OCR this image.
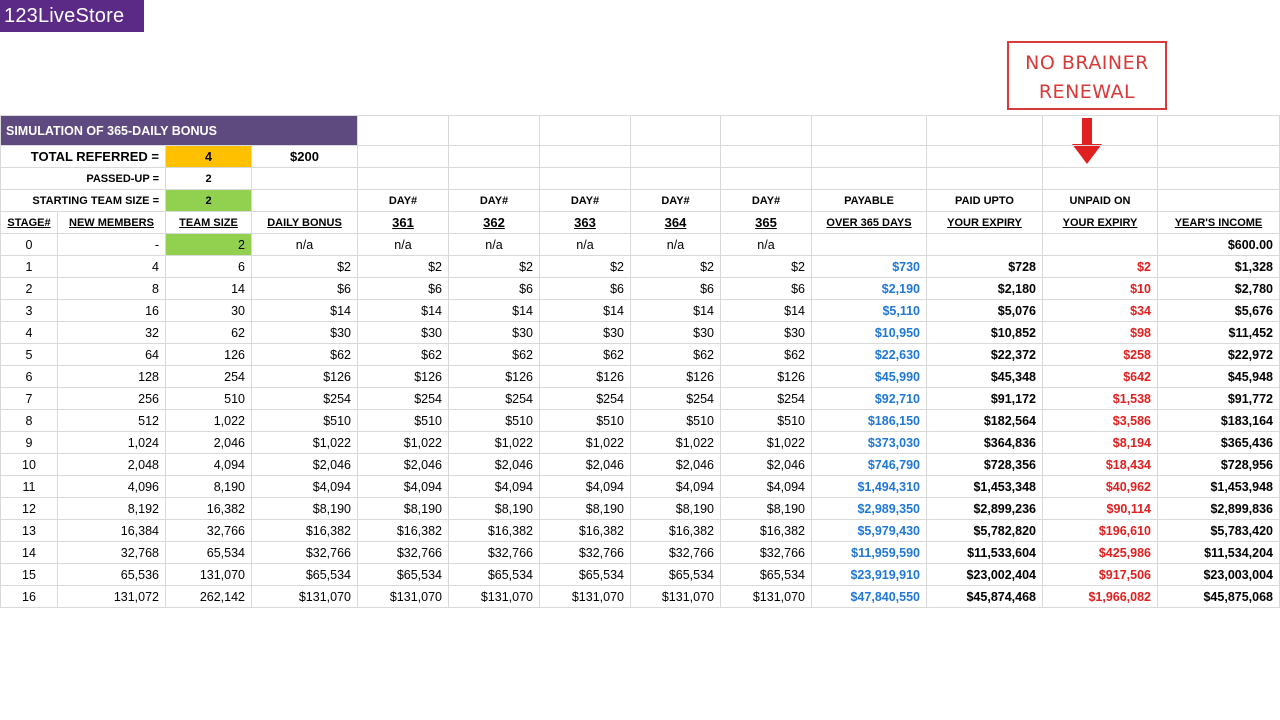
123LiveStore
NO BRAINER
RENEWAL
SIMULATION OF 365-DAILY BONUS												
TOTAL REFERRED =		4	$200									
PASSED-UP =		2										
STARTING TEAM SIZE =		2		DAY#	DAY#	DAY#	DAY#	DAY#	PAYABLE	PAID UPTO	UNPAID ON	
STAGE#	NEW MEMBERS	TEAM SIZE	DAILY BONUS	361	362	363	364	365	OVER 365 DAYS	YOUR EXPIRY	YOUR EXPIRY	YEAR'S INCOME
0	-	2	n/a	n/a	n/a	n/a	n/a	n/a				$600.00
1	4	6	$2	$2	$2	$2	$2	$2	$730	$728	$2	$1,328
2	8	14	$6	$6	$6	$6	$6	$6	$2,190	$2,180	$10	$2,780
3	16	30	$14	$14	$14	$14	$14	$14	$5,110	$5,076	$34	$5,676
4	32	62	$30	$30	$30	$30	$30	$30	$10,950	$10,852	$98	$11,452
5	64	126	$62	$62	$62	$62	$62	$62	$22,630	$22,372	$258	$22,972
6	128	254	$126	$126	$126	$126	$126	$126	$45,990	$45,348	$642	$45,948
7	256	510	$254	$254	$254	$254	$254	$254	$92,710	$91,172	$1,538	$91,772
8	512	1,022	$510	$510	$510	$510	$510	$510	$186,150	$182,564	$3,586	$183,164
9	1,024	2,046	$1,022	$1,022	$1,022	$1,022	$1,022	$1,022	$373,030	$364,836	$8,194	$365,436
10	2,048	4,094	$2,046	$2,046	$2,046	$2,046	$2,046	$2,046	$746,790	$728,356	$18,434	$728,956
11	4,096	8,190	$4,094	$4,094	$4,094	$4,094	$4,094	$4,094	$1,494,310	$1,453,348	$40,962	$1,453,948
12	8,192	16,382	$8,190	$8,190	$8,190	$8,190	$8,190	$8,190	$2,989,350	$2,899,236	$90,114	$2,899,836
13	16,384	32,766	$16,382	$16,382	$16,382	$16,382	$16,382	$16,382	$5,979,430	$5,782,820	$196,610	$5,783,420
14	32,768	65,534	$32,766	$32,766	$32,766	$32,766	$32,766	$32,766	$11,959,590	$11,533,604	$425,986	$11,534,204
15	65,536	131,070	$65,534	$65,534	$65,534	$65,534	$65,534	$65,534	$23,919,910	$23,002,404	$917,506	$23,003,004
16	131,072	262,142	$131,070	$131,070	$131,070	$131,070	$131,070	$131,070	$47,840,550	$45,874,468	$1,966,082	$45,875,068
